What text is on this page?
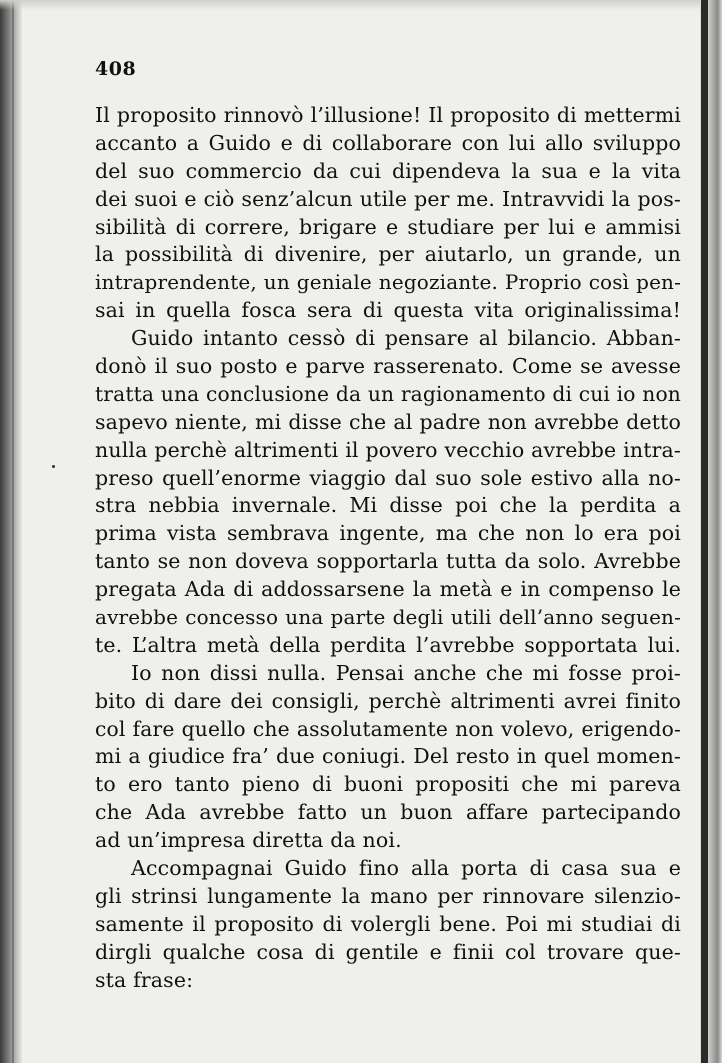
408

Il proposito rinnovò l’illusione! Il proposito di mettermi
accanto a Guido e di collaborare con lui allo sviluppo
del suo commercio da cui dipendeva la sua e la vita
dei suoi e ciò senz’alcun utile per me. Intravvidi la pos-
sibilità di correre, brigare e studiare per lui e ammisi
la possibilità di divenire, per aiutarlo, un grande, un
intraprendente, un geniale negoziante. Proprio così pen-
sai in quella fosca sera di questa vita originalissima!
Guido intanto cessò di pensare al bilancio. Abban-
donò il suo posto e parve rasserenato. Come se avesse
tratta una conclusione da un ragionamento di cui io non
sapevo niente, mi disse che al padre non avrebbe detto
nulla perchè altrimenti il povero vecchio avrebbe intra-
preso quell’enorme viaggio dal suo sole estivo alla no-
stra nebbia invernale. Mi disse poi che la perdita a
prima vista sembrava ingente, ma che non lo era poi
tanto se non doveva sopportarla tutta da solo. Avrebbe
pregata Ada di addossarsene la metà e in compenso le
avrebbe concesso una parte degli utili dell’anno seguen-
te. L’altra metà della perdita l’avrebbe sopportata lui.
Io non dissi nulla. Pensai anche che mi fosse proi-
bito di dare dei consigli, perchè altrimenti avrei finito
col fare quello che assolutamente non volevo, erigendo-
mi a giudice fra’ due coniugi. Del resto in quel momen-
to ero tanto pieno di buoni propositi che mi pareva
che Ada avrebbe fatto un buon affare partecipando
ad un’impresa diretta da noi.
Accompagnai Guido fino alla porta di casa sua e
gli strinsi lungamente la mano per rinnovare silenzio-
samente il proposito di volergli bene. Poi mi studiai di
dirgli qualche cosa di gentile e finii col trovare que-
sta frase:
